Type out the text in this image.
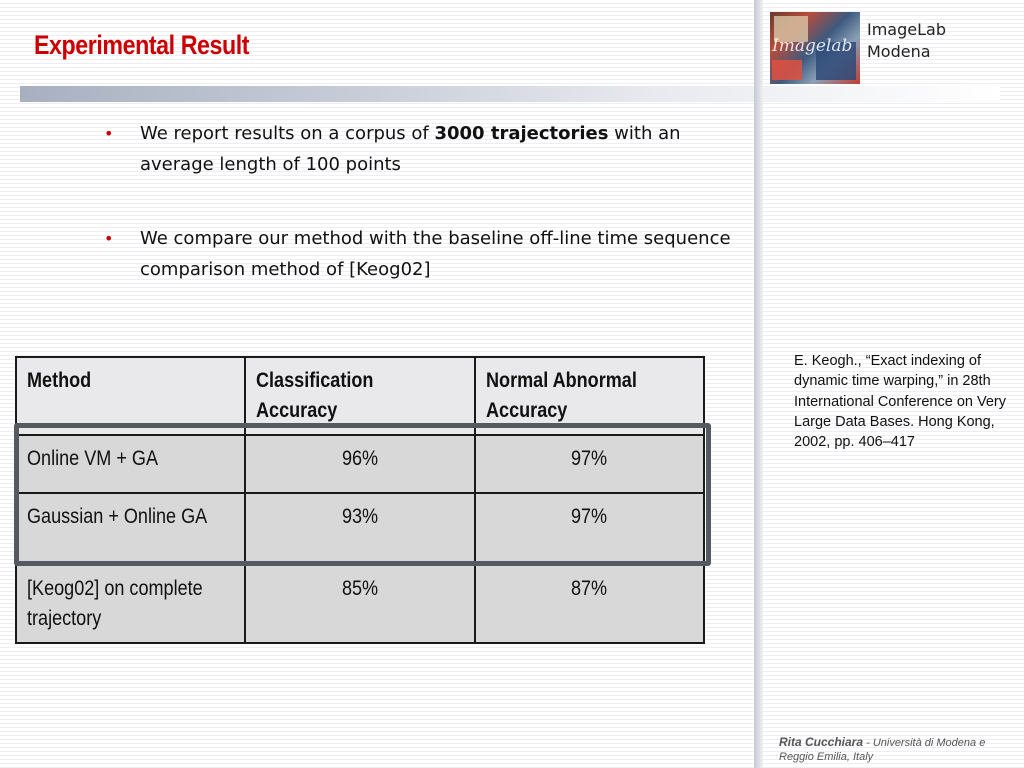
Experimental Result	Imagelab
ImageLab
Modena
• We report results on a corpus of 3000 trajectories with an average length of 100 points
• We compare our method with the baseline off-line time sequence comparison method of [Keog02]
E. Keogh., “Exact indexing of dynamic time warping,” in 28th International Conference on Very Large Data Bases. Hong Kong, 2002, pp. 406–417
Method	Classification Accuracy	Normal Abnormal Accuracy
Online VM + GA	96%	97%
Gaussian + Online GA	93%	97%
[Keog02] on complete trajectory	85%	87%
Rita Cucchiara - Università di Modena e Reggio Emilia, Italy
